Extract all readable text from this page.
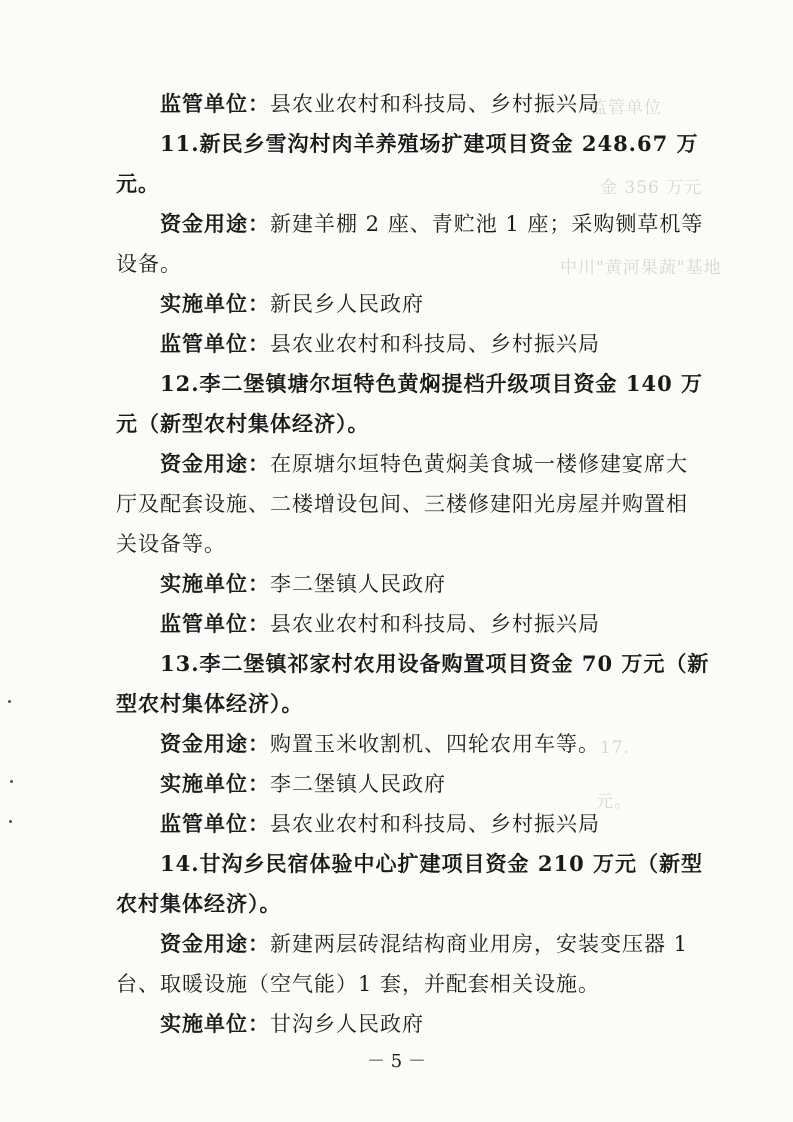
监管单位
金 356 万元
中川"黄河果蔬"基地
17.
元。
监管单位：县农业农村和科技局、乡村振兴局
11.新民乡雪沟村肉羊养殖场扩建项目资金 248.67 万
元。
资金用途：新建羊棚 2 座、青贮池 1 座；采购铡草机等
设备。
实施单位：新民乡人民政府
监管单位：县农业农村和科技局、乡村振兴局
12.李二堡镇塘尔垣特色黄焖提档升级项目资金 140 万
元（新型农村集体经济）。
资金用途：在原塘尔垣特色黄焖美食城一楼修建宴席大
厅及配套设施、二楼增设包间、三楼修建阳光房屋并购置相
关设备等。
实施单位：李二堡镇人民政府
监管单位：县农业农村和科技局、乡村振兴局
13.李二堡镇祁家村农用设备购置项目资金 70 万元（新
型农村集体经济）。
资金用途：购置玉米收割机、四轮农用车等。
实施单位：李二堡镇人民政府
监管单位：县农业农村和科技局、乡村振兴局
14.甘沟乡民宿体验中心扩建项目资金 210 万元（新型
农村集体经济）。
资金用途：新建两层砖混结构商业用房，安装变压器 1
台、取暖设施（空气能）1 套，并配套相关设施。
实施单位：甘沟乡人民政府
－ 5 －
